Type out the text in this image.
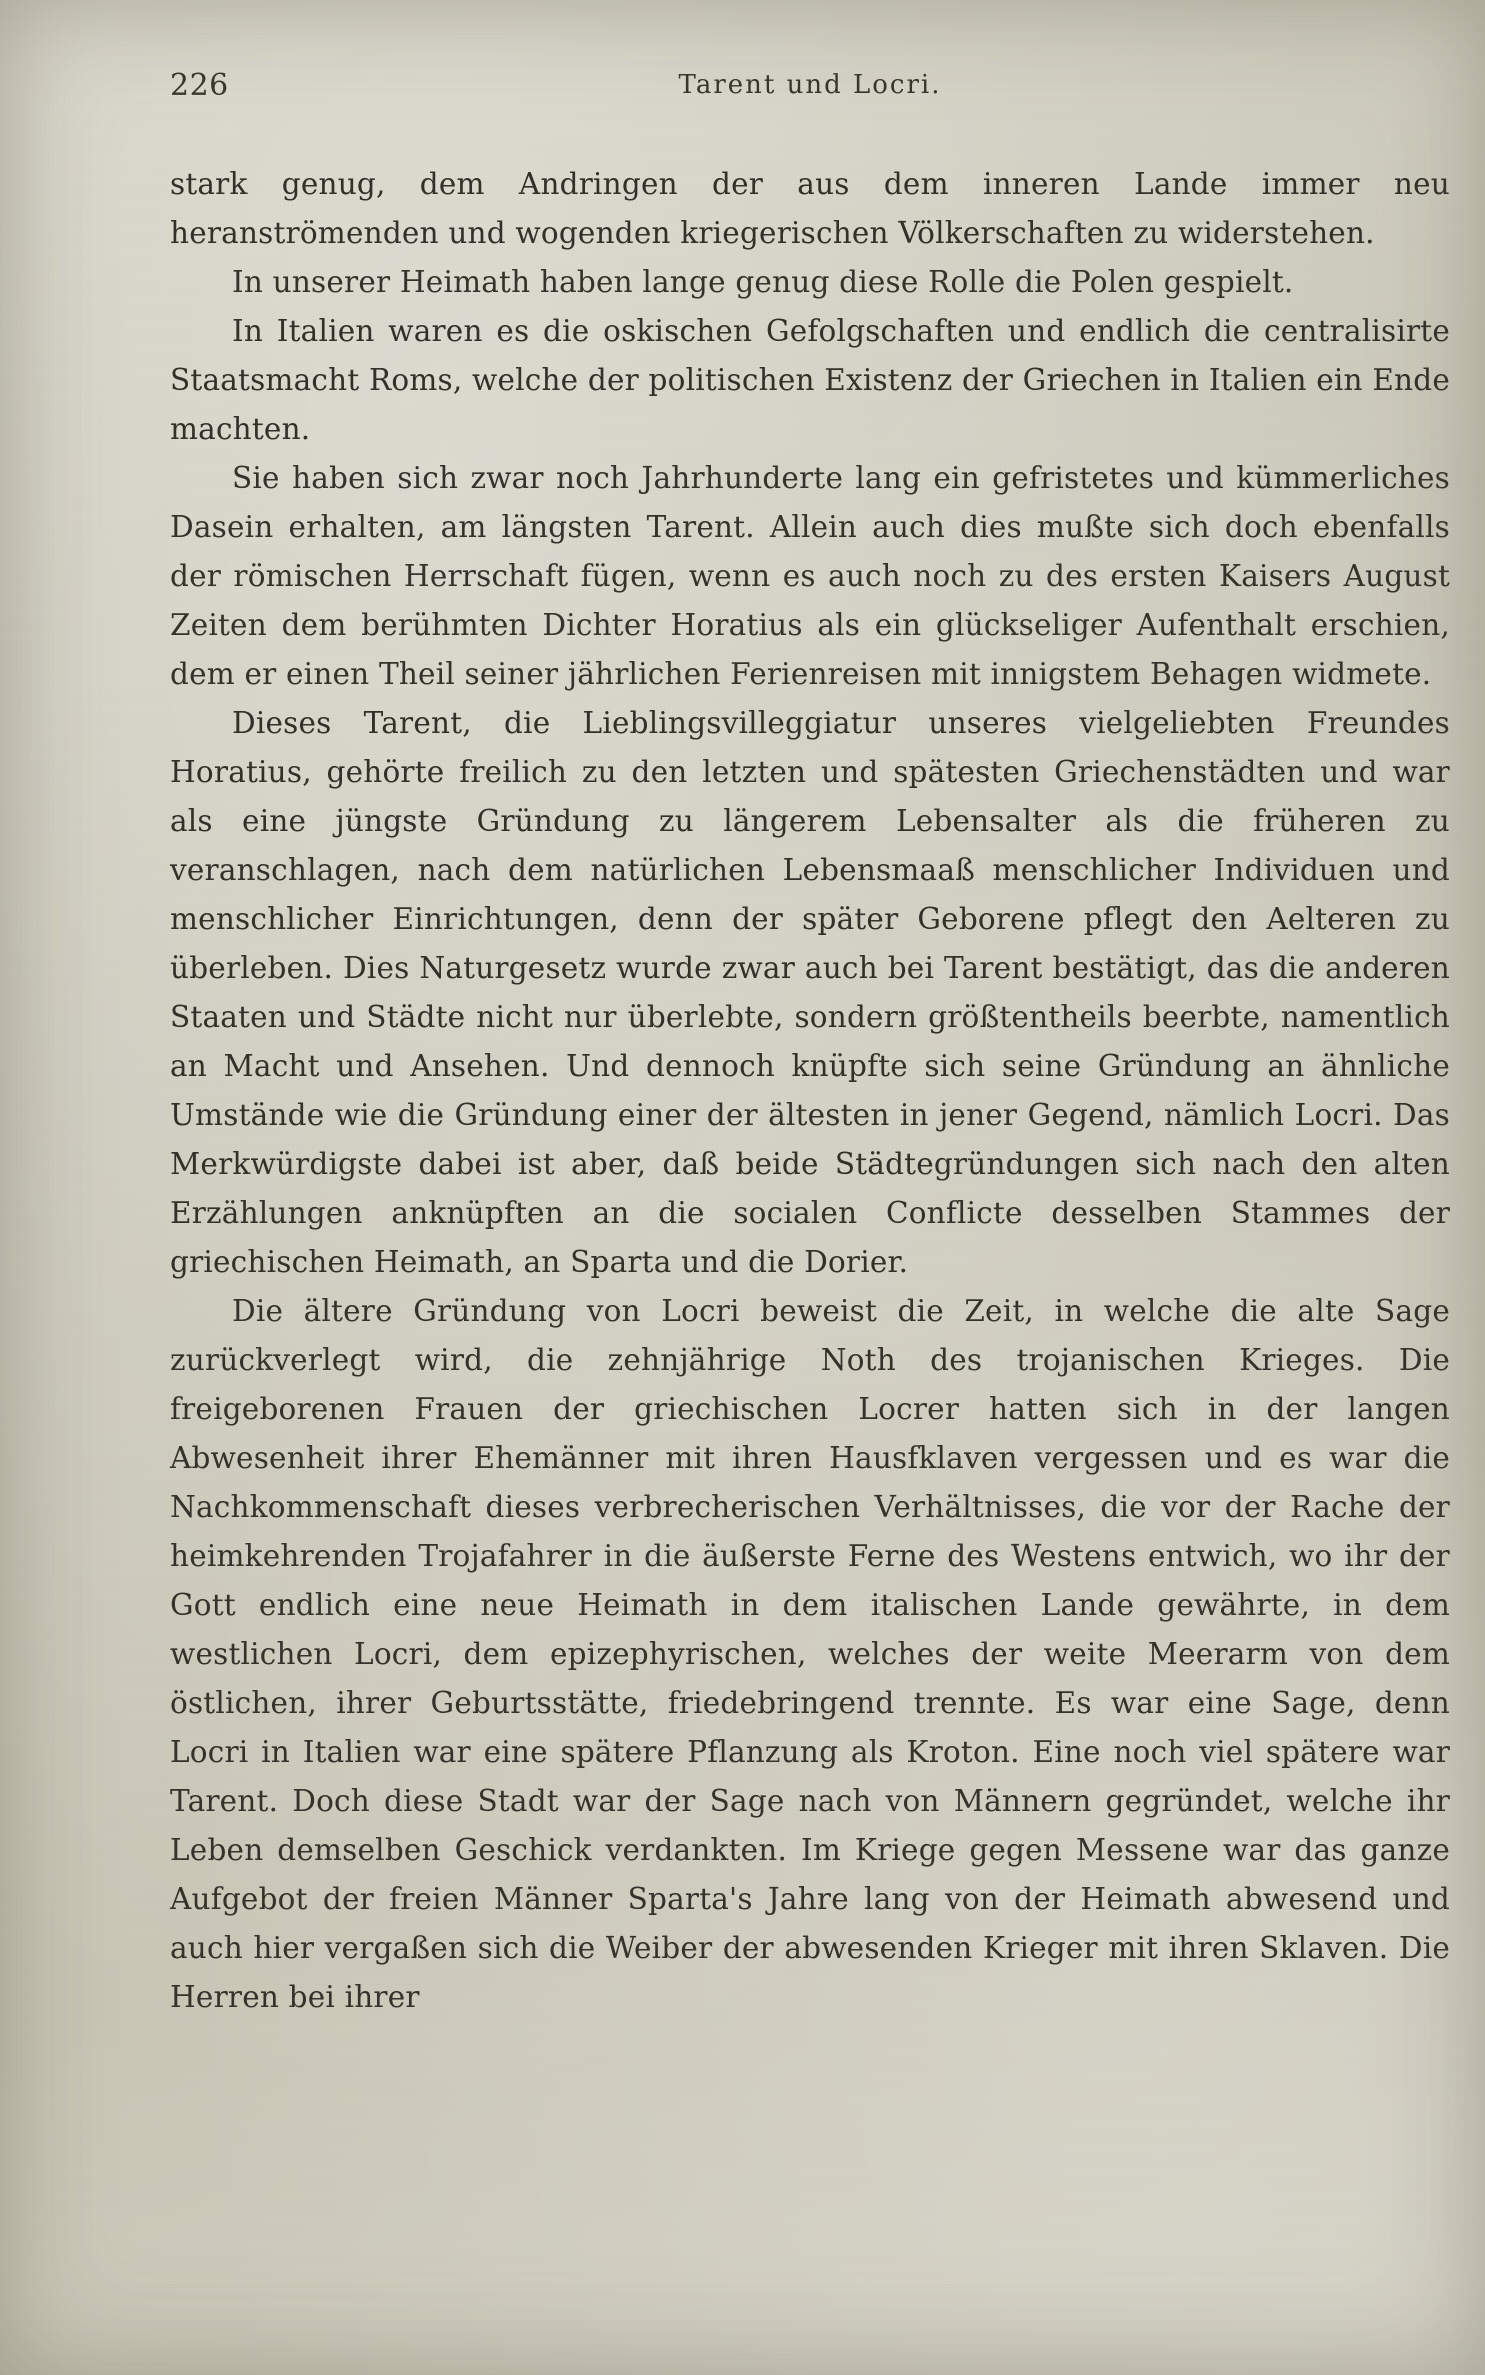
226	Tarent und Locri.

stark genug, dem Andringen der aus dem inneren Lande immer neu heranströmenden und wogenden kriegerischen Völkerschaften zu widerstehen.

In unserer Heimath haben lange genug diese Rolle die Polen gespielt.

In Italien waren es die oskischen Gefolgschaften und endlich die centralisirte Staatsmacht Roms, welche der politischen Existenz der Griechen in Italien ein Ende machten.

Sie haben sich zwar noch Jahrhunderte lang ein gefristetes und kümmerliches Dasein erhalten, am längsten Tarent. Allein auch dies mußte sich doch ebenfalls der römischen Herrschaft fügen, wenn es auch noch zu des ersten Kaisers August Zeiten dem berühmten Dichter Horatius als ein glückseliger Aufenthalt erschien, dem er einen Theil seiner jährlichen Ferienreisen mit innigstem Behagen widmete.

Dieses Tarent, die Lieblingsvilleggiatur unseres vielgeliebten Freundes Horatius, gehörte freilich zu den letzten und spätesten Griechenstädten und war als eine jüngste Gründung zu längerem Lebensalter als die früheren zu veranschlagen, nach dem natürlichen Lebensmaaß menschlicher Individuen und menschlicher Einrichtungen, denn der später Geborene pflegt den Aelteren zu überleben. Dies Naturgesetz wurde zwar auch bei Tarent bestätigt, das die anderen Staaten und Städte nicht nur überlebte, sondern größtentheils beerbte, namentlich an Macht und Ansehen. Und dennoch knüpfte sich seine Gründung an ähnliche Umstände wie die Gründung einer der ältesten in jener Gegend, nämlich Locri. Das Merkwürdigste dabei ist aber, daß beide Städtegründungen sich nach den alten Erzählungen anknüpften an die socialen Conflicte desselben Stammes der griechischen Heimath, an Sparta und die Dorier.

Die ältere Gründung von Locri beweist die Zeit, in welche die alte Sage zurückverlegt wird, die zehnjährige Noth des trojanischen Krieges. Die freigeborenen Frauen der griechischen Locrer hatten sich in der langen Abwesenheit ihrer Ehemänner mit ihren Hausfklaven vergessen und es war die Nachkommenschaft dieses verbrecherischen Verhältnisses, die vor der Rache der heimkehrenden Trojafahrer in die äußerste Ferne des Westens entwich, wo ihr der Gott endlich eine neue Heimath in dem italischen Lande gewährte, in dem westlichen Locri, dem epizephyrischen, welches der weite Meerarm von dem östlichen, ihrer Geburtsstätte, friedebringend trennte. Es war eine Sage, denn Locri in Italien war eine spätere Pflanzung als Kroton. Eine noch viel spätere war Tarent. Doch diese Stadt war der Sage nach von Männern gegründet, welche ihr Leben demselben Geschick verdankten. Im Kriege gegen Messene war das ganze Aufgebot der freien Männer Sparta's Jahre lang von der Heimath abwesend und auch hier vergaßen sich die Weiber der abwesenden Krieger mit ihren Sklaven. Die Herren bei ihrer
